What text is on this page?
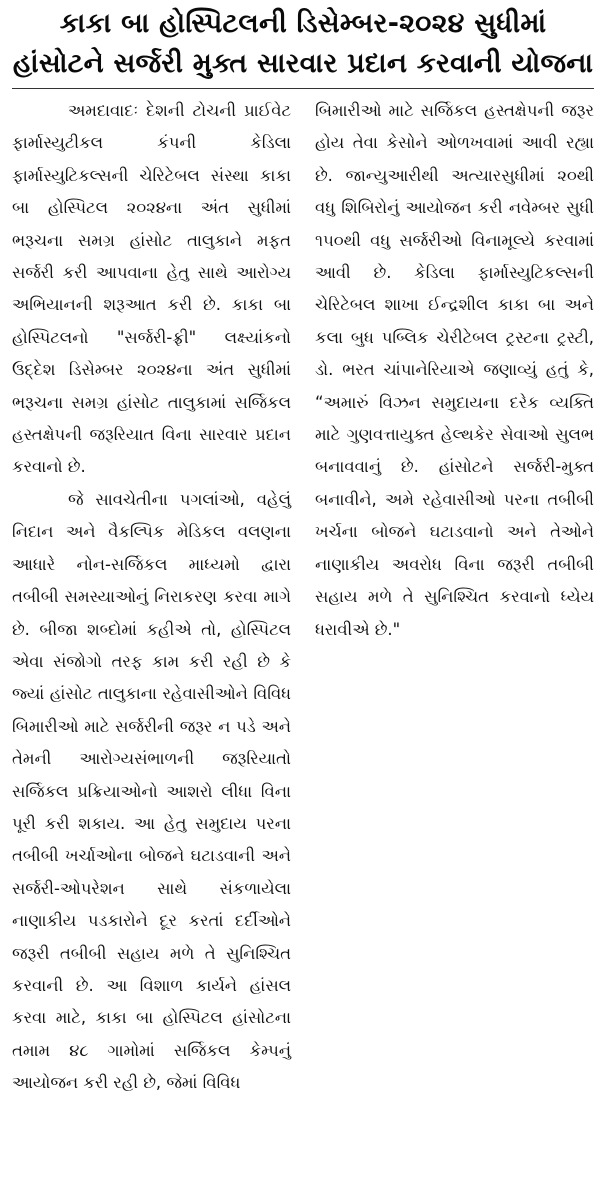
કાકા બા હોસ્પિટલની ડિસેમ્બર-૨૦૨૪ સુધીમાં
હાંસોટને સર્જરી મુક્ત સારવાર પ્રદાન કરવાની યોજના

અમદાવાદઃ દેશની ટોચની પ્રાઈવેટ ફાર્માસ્યુટીકલ કંપની કેડિલા ફાર્માસ્યુટિકલ્સની ચેરિટેબલ સંસ્થા કાકા બા હોસ્પિટલ ૨૦૨૪ના અંત સુધીમાં ભરૂચના સમગ્ર હાંસોટ તાલુકાને મફત સર્જરી કરી આપવાના હેતુ સાથે આરોગ્ય અભિયાનની શરૂઆત કરી છે. કાકા બા હોસ્પિટલનો "સર્જરી-ફ્રી" લક્ષ્યાંકનો ઉદ્દેશ ડિસેમ્બર ૨૦૨૪ના અંત સુધીમાં ભરૂચના સમગ્ર હાંસોટ તાલુકામાં સર્જિકલ હસ્તક્ષેપની જરૂરિયાત વિના સારવાર પ્રદાન કરવાનો છે.

જે સાવચેતીના પગલાંઓ, વહેલું નિદાન અને વૈકલ્પિક મેડિકલ વલણના આધારે નોન-સર્જિકલ માધ્યમો દ્વારા તબીબી સમસ્યાઓનું નિરાકરણ કરવા માગે છે. બીજા શબ્દોમાં કહીએ તો, હોસ્પિટલ એવા સંજોગો તરફ કામ કરી રહી છે કે જ્યાં હાંસોટ તાલુકાના રહેવાસીઓને વિવિધ બિમારીઓ માટે સર્જરીની જરૂર ન પડે અને તેમની આરોગ્યસંભાળની જરૂરિયાતો સર્જિકલ પ્રક્રિયાઓનો આશરો લીધા વિના પૂરી કરી શકાય. આ હેતુ સમુદાય પરના તબીબી ખર્ચાઓના બોજને ઘટાડવાની અને સર્જરી-ઓપરેશન સાથે સંકળાયેલા નાણાકીય પડકારોને દૂર કરતાં દર્દીઓને જરૂરી તબીબી સહાય મળે તે સુનિશ્ચિત કરવાની છે. આ વિશાળ કાર્યને હાંસલ કરવા માટે, કાકા બા હોસ્પિટલ હાંસોટના તમામ ૪૮ ગામોમાં સર્જિકલ કેમ્પનું આયોજન કરી રહી છે, જેમાં વિવિધ

બિમારીઓ માટે સર્જિકલ હસ્તક્ષેપની જરૂર હોય તેવા કેસોને ઓળખવામાં આવી રહ્યા છે. જાન્યુઆરીથી અત્યારસુધીમાં ૨૦થી વધુ શિબિરોનું આયોજન કરી નવેમ્બર સુધી ૧૫૦થી વધુ સર્જરીઓ વિનામૂલ્યે કરવામાં આવી છે. કેડિલા ફાર્માસ્યુટિકલ્સની ચેરિટેબલ શાખા ઈન્દ્રશીલ કાકા બા અને કલા બુધ પબ્લિક ચેરીટેબલ ટ્રસ્ટના ટ્રસ્ટી, ડો. ભરત ચાંપાનેરિયાએ જણાવ્યું હતું કે, “અમારું વિઝન સમુદાયના દરેક વ્યક્તિ માટે ગુણવત્તાયુક્ત હેલ્થકેર સેવાઓ સુલભ બનાવવાનું છે. હાંસોટને સર્જરી-મુક્ત બનાવીને, અમે રહેવાસીઓ પરના તબીબી ખર્ચના બોજને ઘટાડવાનો અને તેઓને નાણાકીય અવરોધ વિના જરૂરી તબીબી સહાય મળે તે સુનિશ્ચિત કરવાનો ધ્યેય ધરાવીએ છે."
